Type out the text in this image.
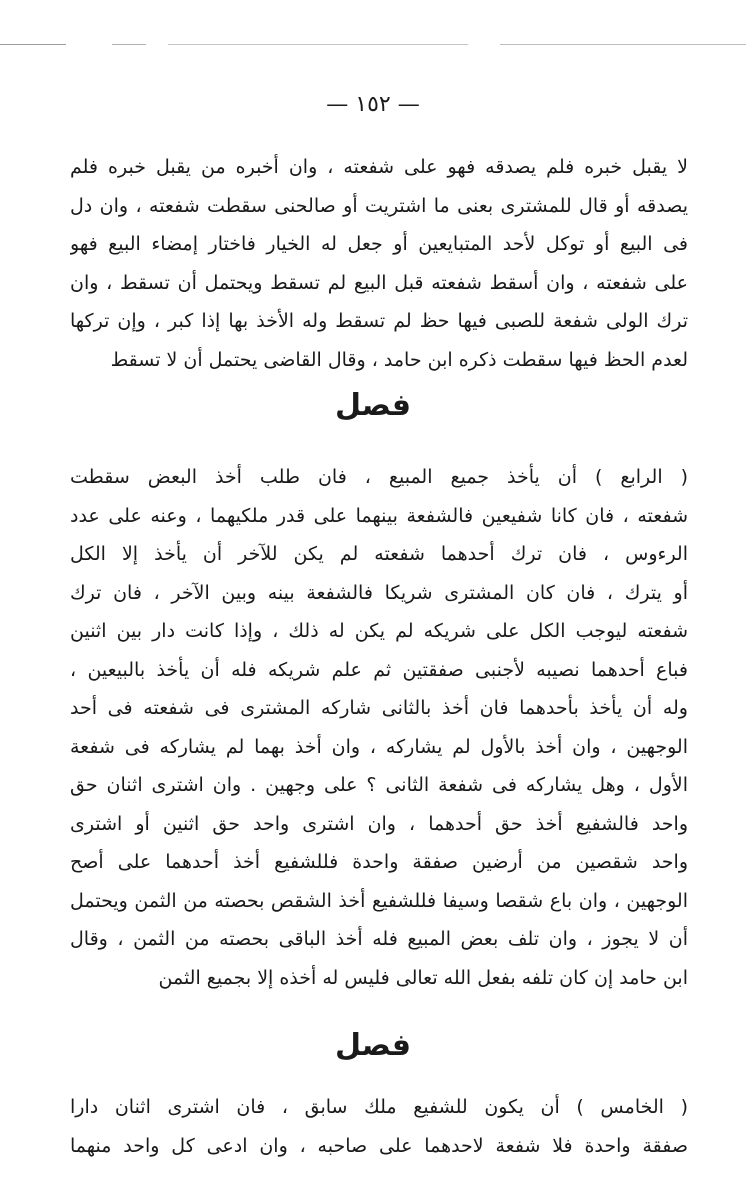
— ١٥٢ —
لا يقبل خبره فلم يصدقه فهو على شفعته ، وان أخبره من يقبل خبره فلم
يصدقه أو قال للمشترى بعنى ما اشتريت أو صالحنى سقطت شفعته ، وان دل
فى البيع أو توكل لأحد المتبايعين أو جعل له الخيار فاختار إمضاء البيع فهو
على شفعته ، وان أسقط شفعته قبل البيع لم تسقط ويحتمل أن تسقط ، وان
ترك الولى شفعة للصبى فيها حظ لم تسقط وله الأخذ بها إذا كبر ، وإن تركها
لعدم الحظ فيها سقطت ذكره ابن حامد ، وقال القاضى يحتمل أن لا تسقط
فصل
( الرابع ) أن يأخذ جميع المبيع ، فان طلب أخذ البعض سقطت
شفعته ، فان كانا شفيعين فالشفعة بينهما على قدر ملكيهما ، وعنه على عدد
الرءوس ، فان ترك أحدهما شفعته لم يكن للآخر أن يأخذ إلا الكل
أو يترك ، فان كان المشترى شريكا فالشفعة بينه وبين الآخر ، فان ترك
شفعته ليوجب الكل على شريكه لم يكن له ذلك ، وإذا كانت دار بين اثنين
فباع أحدهما نصيبه لأجنبى صفقتين ثم علم شريكه فله أن يأخذ بالبيعين ،
وله أن يأخذ بأحدهما فان أخذ بالثانى شاركه المشترى فى شفعته فى أحد
الوجهين ، وان أخذ بالأول لم يشاركه ، وان أخذ بهما لم يشاركه فى شفعة
الأول ، وهل يشاركه فى شفعة الثانى ؟ على وجهين . وان اشترى اثنان حق
واحد فالشفيع أخذ حق أحدهما ، وان اشترى واحد حق اثنين أو اشترى
واحد شقصين من أرضين صفقة واحدة فللشفيع أخذ أحدهما على أصح
الوجهين ، وان باع شقصا وسيفا فللشفيع أخذ الشقص بحصته من الثمن ويحتمل
أن لا يجوز ، وان تلف بعض المبيع فله أخذ الباقى بحصته من الثمن ، وقال
ابن حامد إن كان تلفه بفعل الله تعالى فليس له أخذه إلا بجميع الثمن
فصل
( الخامس ) أن يكون للشفيع ملك سابق ، فان اشترى اثنان دارا
صفقة واحدة فلا شفعة لاحدهما على صاحبه ، وان ادعى كل واحد منهما
